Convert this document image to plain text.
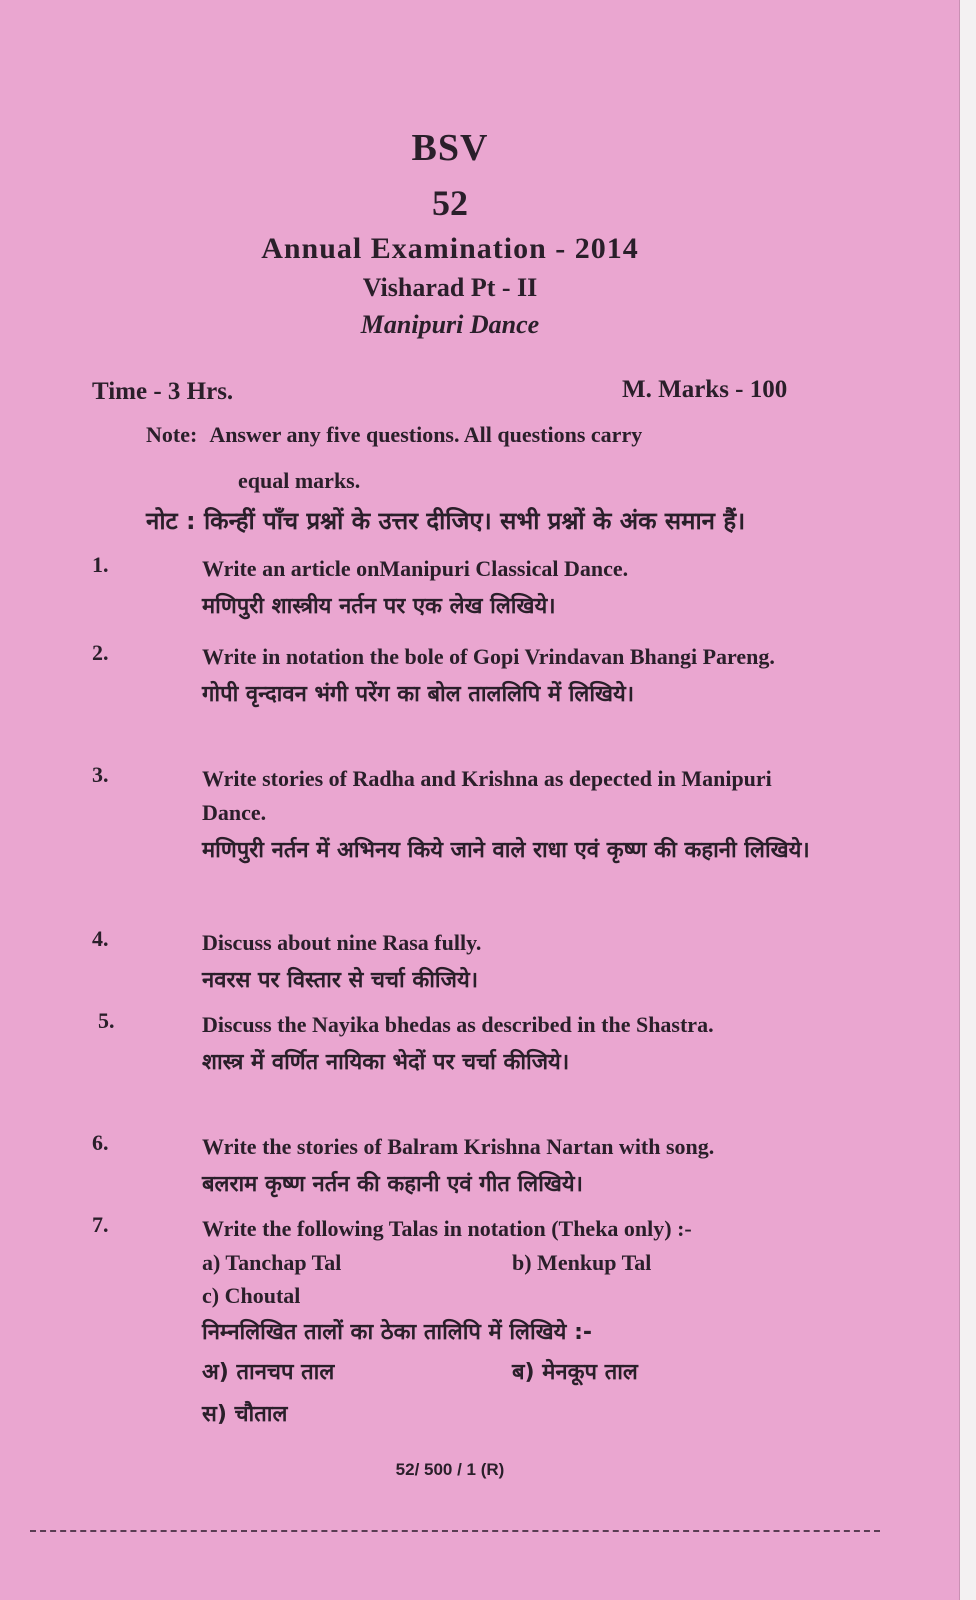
BSV
52
Annual Examination - 2014
Visharad Pt - II
Manipuri Dance
Time - 3 Hrs.	M. Marks - 100
Note: Answer any five questions. All questions carry
equal marks.
नोट : किन्हीं पाँच प्रश्नों के उत्तर दीजिए। सभी प्रश्नों के अंक समान हैं।
1.	Write an article onManipuri Classical Dance.
मणिपुरी शास्त्रीय नर्तन पर एक लेख लिखिये।
2.	Write in notation the bole of Gopi Vrindavan Bhangi Pareng.
गोपी वृन्दावन भंगी परेंग का बोल ताललिपि में लिखिये।
3.	Write stories of Radha and Krishna as depected in Manipuri Dance.
मणिपुरी नर्तन में अभिनय किये जाने वाले राधा एवं कृष्ण की कहानी लिखिये।
4.	Discuss about nine Rasa fully.
नवरस पर विस्तार से चर्चा कीजिये।
5.	Discuss the Nayika bhedas as described in the Shastra.
शास्त्र में वर्णित नायिका भेदों पर चर्चा कीजिये।
6.	Write the stories of Balram Krishna Nartan with song.
बलराम कृष्ण नर्तन की कहानी एवं गीत लिखिये।
7.	Write the following Talas in notation (Theka only) :-
a) Tanchap Tal	b) Menkup Tal
c) Choutal
निम्नलिखित तालों का ठेका तालिपि में लिखिये :-
अ) तानचप ताल	ब) मेनकूप ताल
स) चौताल
52/ 500 / 1 (R)
